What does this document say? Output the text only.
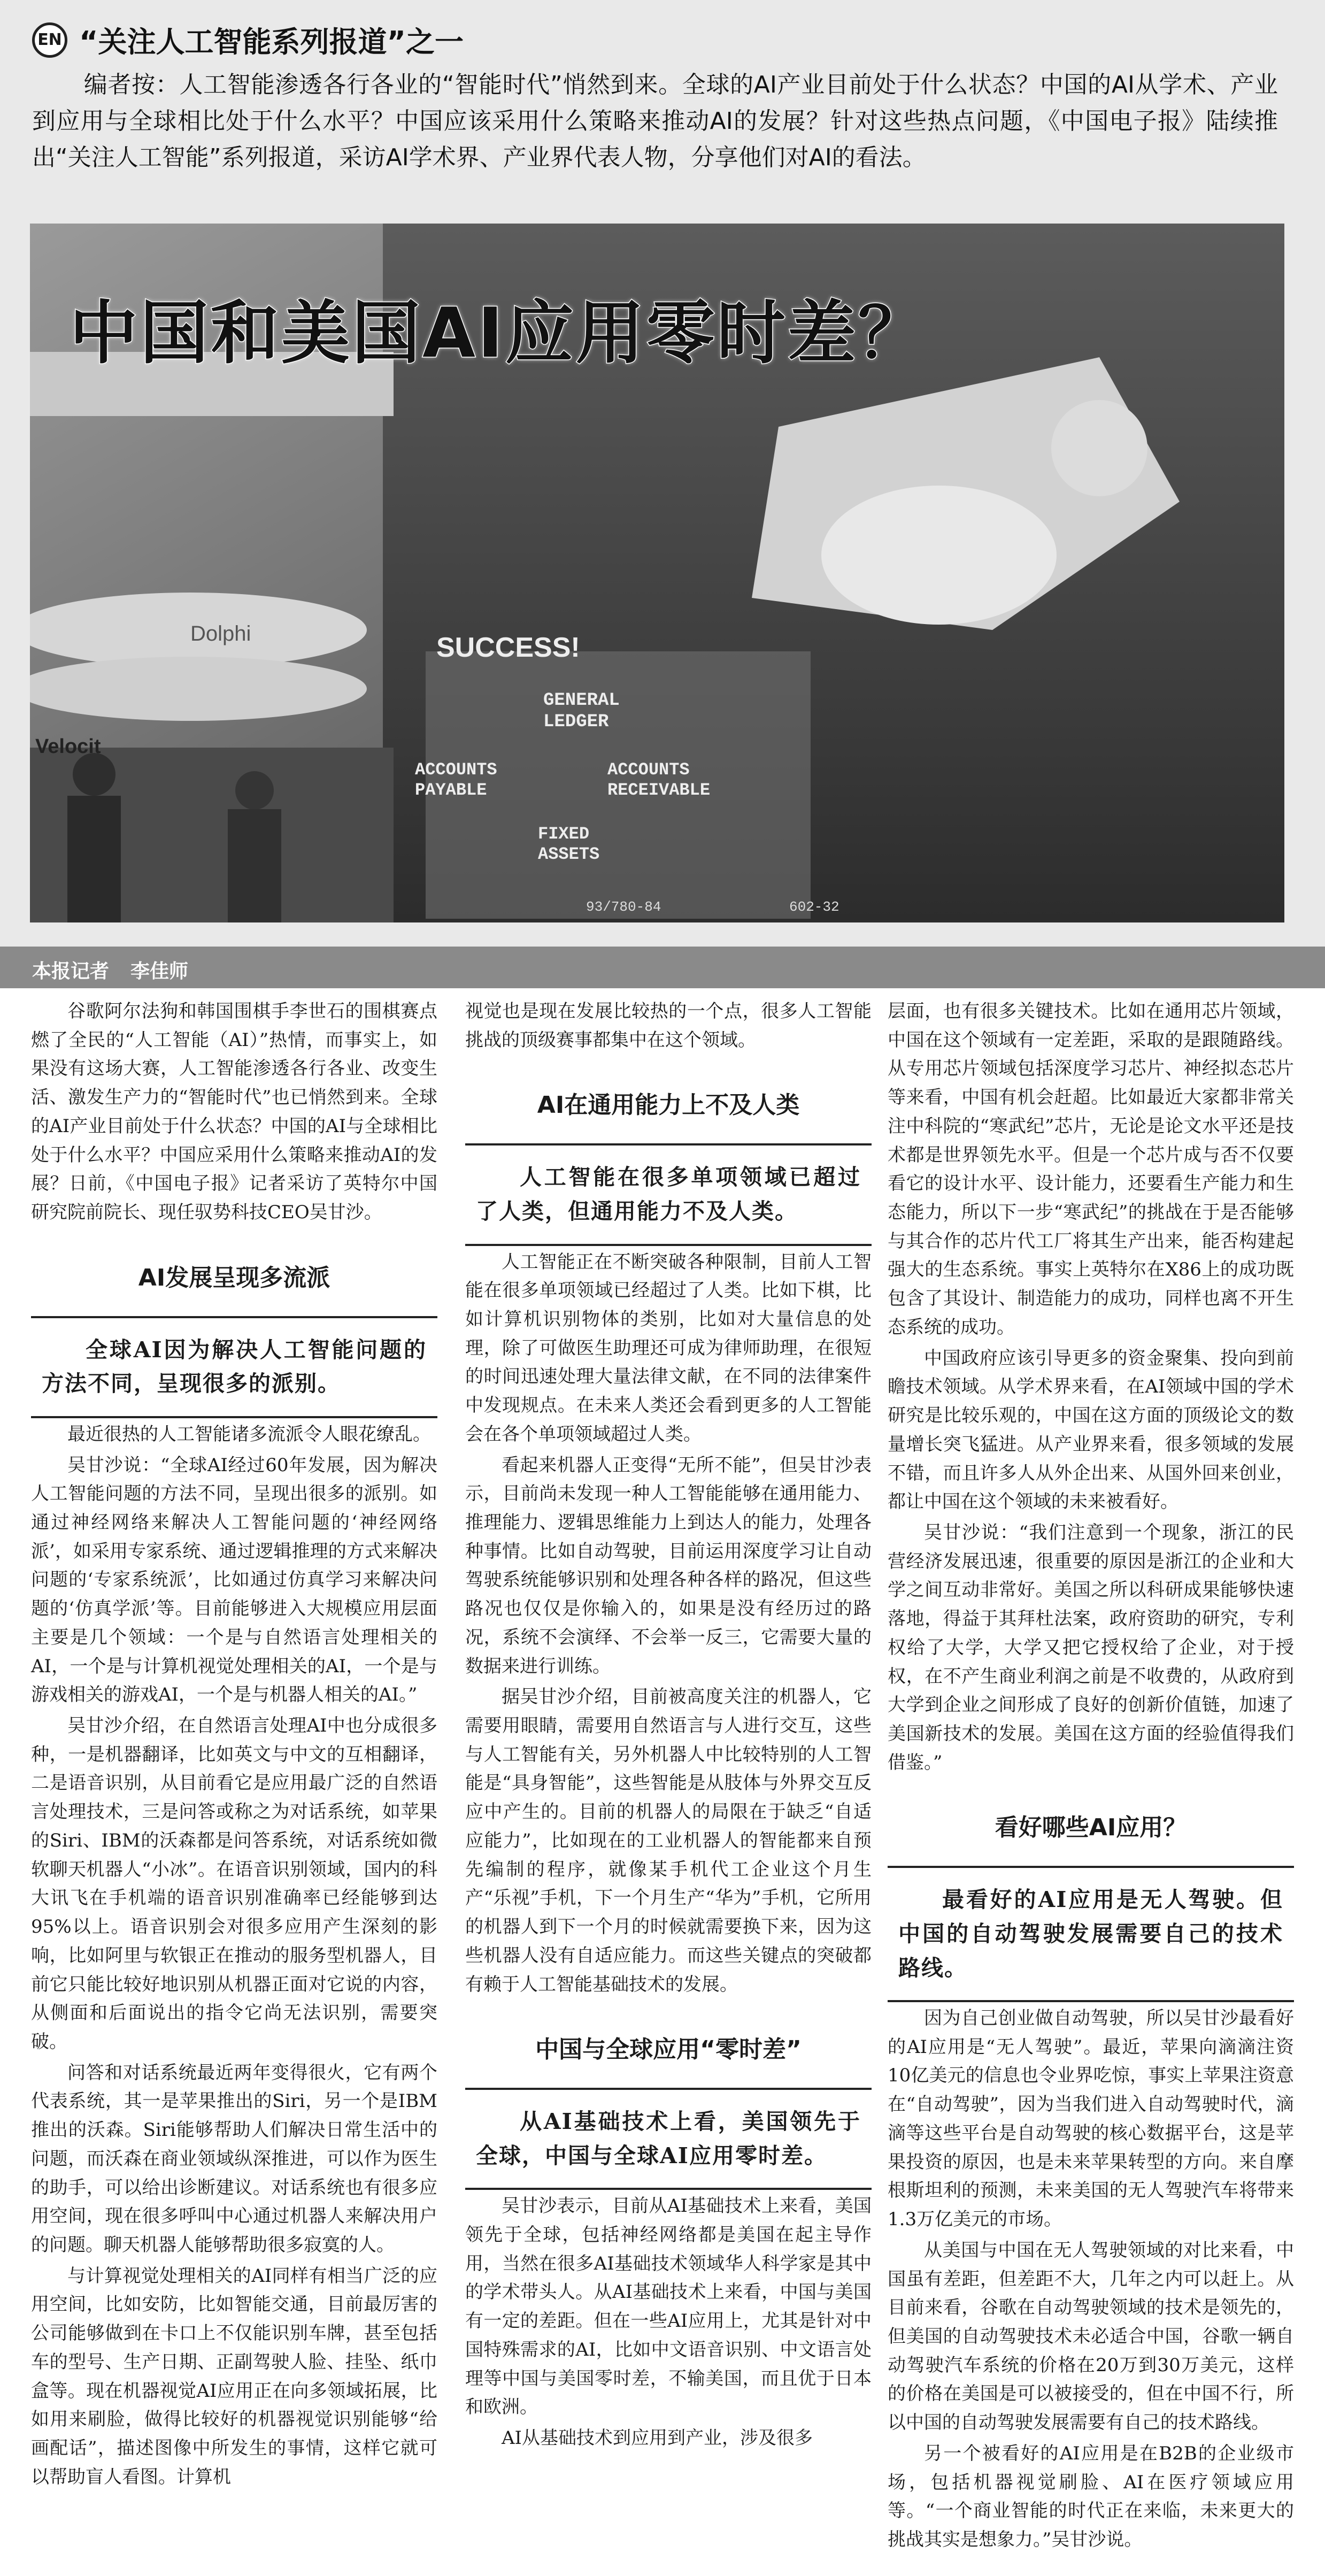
EN “关注人工智能系列报道”之一
编者按：人工智能渗透各行各业的“智能时代”悄然到来。全球的AI产业目前处于什么状态？中国的AI从学术、产业到应用与全球相比处于什么水平？中国应该采用什么策略来推动AI的发展？针对这些热点问题，《中国电子报》陆续推出“关注人工智能”系列报道，采访AI学术界、产业界代表人物，分享他们对AI的看法。
SUCCESS!
GENERAL
LEDGER
ACCOUNTS
PAYABLE
ACCOUNTS
RECEIVABLE
FIXED
ASSETS
Dolphi
Velocit
93/780-84	602-32
中国和美国AI应用零时差？
本报记者 李佳师

谷歌阿尔法狗和韩国围棋手李世石的围棋赛点燃了全民的“人工智能（AI）”热情，而事实上，如果没有这场大赛，人工智能渗透各行各业、改变生活、激发生产力的“智能时代”也已悄然到来。全球的AI产业目前处于什么状态？中国的AI与全球相比处于什么水平？中国应采用什么策略来推动AI的发展？日前，《中国电子报》记者采访了英特尔中国研究院前院长、现任驭势科技CEO吴甘沙。

AI发展呈现多流派

全球AI因为解决人工智能问题的方法不同，呈现很多的派别。

最近很热的人工智能诸多流派令人眼花缭乱。

吴甘沙说：“全球AI经过60年发展，因为解决人工智能问题的方法不同，呈现出很多的派别。如通过神经网络来解决人工智能问题的‘神经网络派’，如采用专家系统、通过逻辑推理的方式来解决问题的‘专家系统派’，比如通过仿真学习来解决问题的‘仿真学派’等。目前能够进入大规模应用层面主要是几个领域：一个是与自然语言处理相关的AI，一个是与计算机视觉处理相关的AI，一个是与游戏相关的游戏AI，一个是与机器人相关的AI。”

吴甘沙介绍，在自然语言处理AI中也分成很多种，一是机器翻译，比如英文与中文的互相翻译，二是语音识别，从目前看它是应用最广泛的自然语言处理技术，三是问答或称之为对话系统，如苹果的Siri、IBM的沃森都是问答系统，对话系统如微软聊天机器人“小冰”。在语音识别领域，国内的科大讯飞在手机端的语音识别准确率已经能够到达95%以上。语音识别会对很多应用产生深刻的影响，比如阿里与软银正在推动的服务型机器人，目前它只能比较好地识别从机器正面对它说的内容，从侧面和后面说出的指令它尚无法识别，需要突破。

问答和对话系统最近两年变得很火，它有两个代表系统，其一是苹果推出的Siri，另一个是IBM推出的沃森。Siri能够帮助人们解决日常生活中的问题，而沃森在商业领域纵深推进，可以作为医生的助手，可以给出诊断建议。对话系统也有很多应用空间，现在很多呼叫中心通过机器人来解决用户的问题。聊天机器人能够帮助很多寂寞的人。

与计算视觉处理相关的AI同样有相当广泛的应用空间，比如安防，比如智能交通，目前最厉害的公司能够做到在卡口上不仅能识别车牌，甚至包括车的型号、生产日期、正副驾驶人脸、挂坠、纸巾盒等。现在机器视觉AI应用正在向多领域拓展，比如用来刷脸，做得比较好的机器视觉识别能够“给画配话”，描述图像中所发生的事情，这样它就可以帮助盲人看图。计算机

视觉也是现在发展比较热的一个点，很多人工智能挑战的顶级赛事都集中在这个领域。

AI在通用能力上不及人类

人工智能在很多单项领域已超过了人类，但通用能力不及人类。

人工智能正在不断突破各种限制，目前人工智能在很多单项领域已经超过了人类。比如下棋，比如计算机识别物体的类别，比如对大量信息的处理，除了可做医生助理还可成为律师助理，在很短的时间迅速处理大量法律文献，在不同的法律案件中发现规点。在未来人类还会看到更多的人工智能会在各个单项领域超过人类。

看起来机器人正变得“无所不能”，但吴甘沙表示，目前尚未发现一种人工智能能够在通用能力、推理能力、逻辑思维能力上到达人的能力，处理各种事情。比如自动驾驶，目前运用深度学习让自动驾驶系统能够识别和处理各种各样的路况，但这些路况也仅仅是你输入的，如果是没有经历过的路况，系统不会演绎、不会举一反三，它需要大量的数据来进行训练。

据吴甘沙介绍，目前被高度关注的机器人，它需要用眼睛，需要用自然语言与人进行交互，这些与人工智能有关，另外机器人中比较特别的人工智能是“具身智能”，这些智能是从肢体与外界交互反应中产生的。目前的机器人的局限在于缺乏“自适应能力”，比如现在的工业机器人的智能都来自预先编制的程序，就像某手机代工企业这个月生产“乐视”手机，下一个月生产“华为”手机，它所用的机器人到下一个月的时候就需要换下来，因为这些机器人没有自适应能力。而这些关键点的突破都有赖于人工智能基础技术的发展。

中国与全球应用“零时差”

从AI基础技术上看，美国领先于全球，中国与全球AI应用零时差。

吴甘沙表示，目前从AI基础技术上来看，美国领先于全球，包括神经网络都是美国在起主导作用，当然在很多AI基础技术领域华人科学家是其中的学术带头人。从AI基础技术上来看，中国与美国有一定的差距。但在一些AI应用上，尤其是针对中国特殊需求的AI，比如中文语音识别、中文语言处理等中国与美国零时差，不输美国，而且优于日本和欧洲。

AI从基础技术到应用到产业，涉及很多

层面，也有很多关键技术。比如在通用芯片领域，中国在这个领域有一定差距，采取的是跟随路线。从专用芯片领域包括深度学习芯片、神经拟态芯片等来看，中国有机会赶超。比如最近大家都非常关注中科院的“寒武纪”芯片，无论是论文水平还是技术都是世界领先水平。但是一个芯片成与否不仅要看它的设计水平、设计能力，还要看生产能力和生态能力，所以下一步“寒武纪”的挑战在于是否能够与其合作的芯片代工厂将其生产出来，能否构建起强大的生态系统。事实上英特尔在X86上的成功既包含了其设计、制造能力的成功，同样也离不开生态系统的成功。

中国政府应该引导更多的资金聚集、投向到前瞻技术领域。从学术界来看，在AI领域中国的学术研究是比较乐观的，中国在这方面的顶级论文的数量增长突飞猛进。从产业界来看，很多领域的发展不错，而且许多人从外企出来、从国外回来创业，都让中国在这个领域的未来被看好。

吴甘沙说：“我们注意到一个现象，浙江的民营经济发展迅速，很重要的原因是浙江的企业和大学之间互动非常好。美国之所以科研成果能够快速落地，得益于其拜杜法案，政府资助的研究，专利权给了大学，大学又把它授权给了企业，对于授权，在不产生商业利润之前是不收费的，从政府到大学到企业之间形成了良好的创新价值链，加速了美国新技术的发展。美国在这方面的经验值得我们借鉴。”

看好哪些AI应用？

最看好的AI应用是无人驾驶。但中国的自动驾驶发展需要自己的技术路线。

因为自己创业做自动驾驶，所以吴甘沙最看好的AI应用是“无人驾驶”。最近，苹果向滴滴注资10亿美元的信息也令业界吃惊，事实上苹果注资意在“自动驾驶”，因为当我们进入自动驾驶时代，滴滴等这些平台是自动驾驶的核心数据平台，这是苹果投资的原因，也是未来苹果转型的方向。来自摩根斯坦利的预测，未来美国的无人驾驶汽车将带来1.3万亿美元的市场。

从美国与中国在无人驾驶领域的对比来看，中国虽有差距，但差距不大，几年之内可以赶上。从目前来看，谷歌在自动驾驶领域的技术是领先的，但美国的自动驾驶技术未必适合中国，谷歌一辆自动驾驶汽车系统的价格在20万到30万美元，这样的价格在美国是可以被接受的，但在中国不行，所以中国的自动驾驶发展需要有自己的技术路线。

另一个被看好的AI应用是在B2B的企业级市场，包括机器视觉刷脸、AI在医疗领域应用等。“一个商业智能的时代正在来临，未来更大的挑战其实是想象力。”吴甘沙说。
